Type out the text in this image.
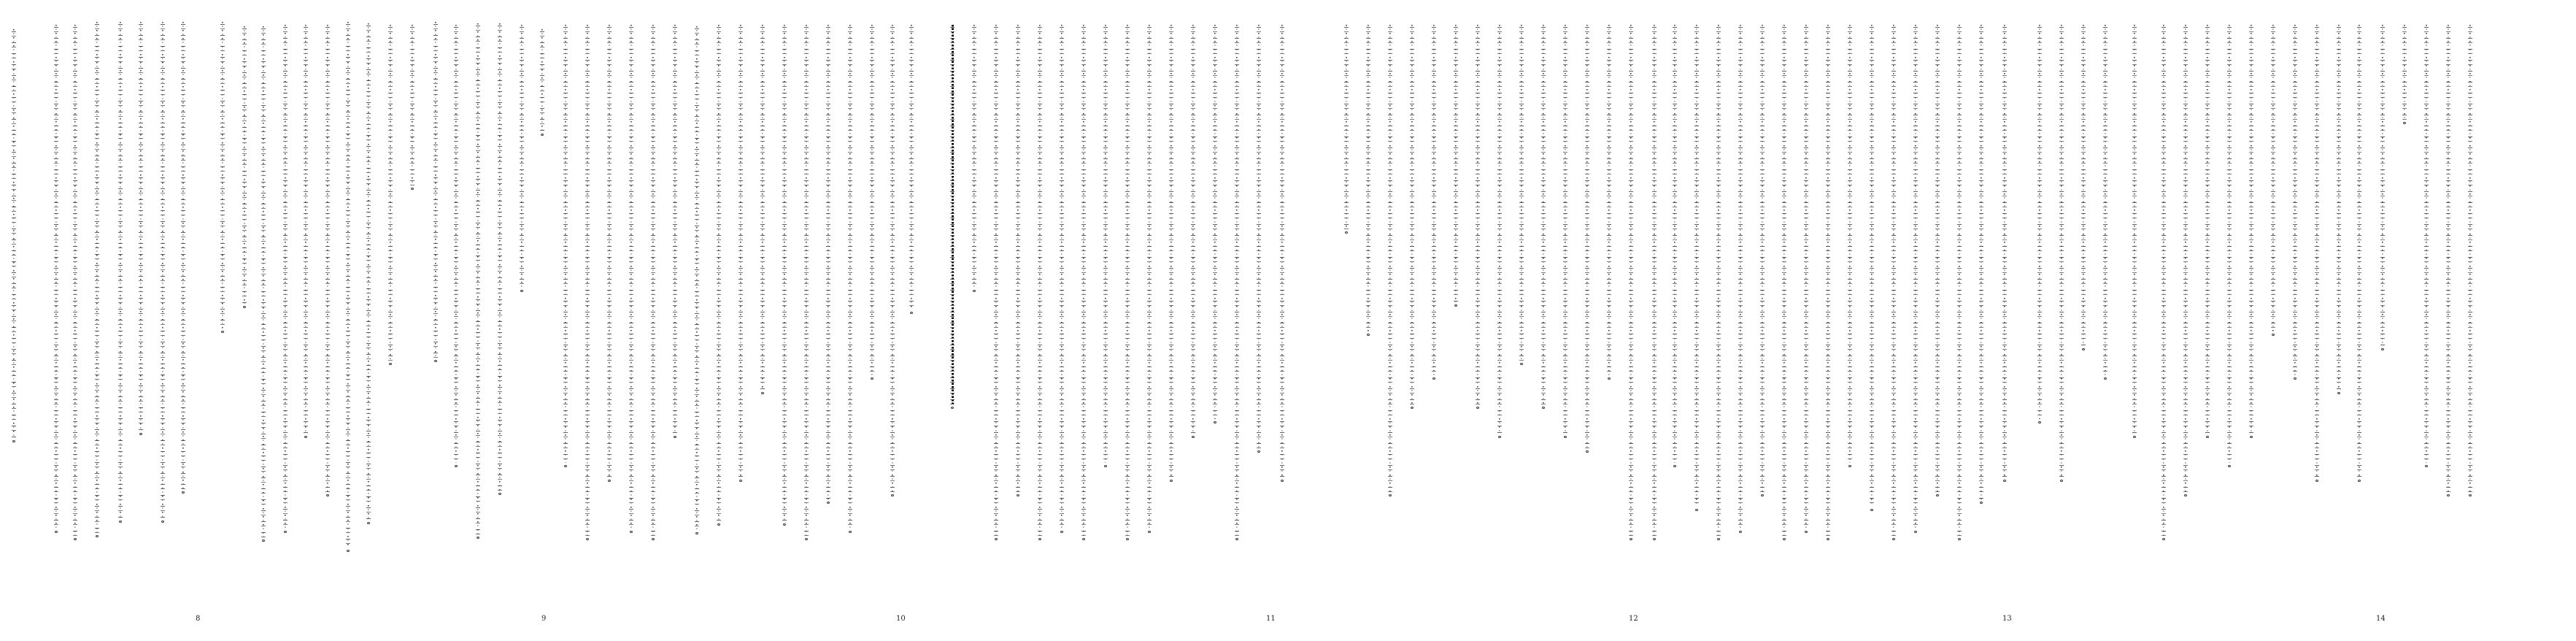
8	9	10	11	12	13	14
